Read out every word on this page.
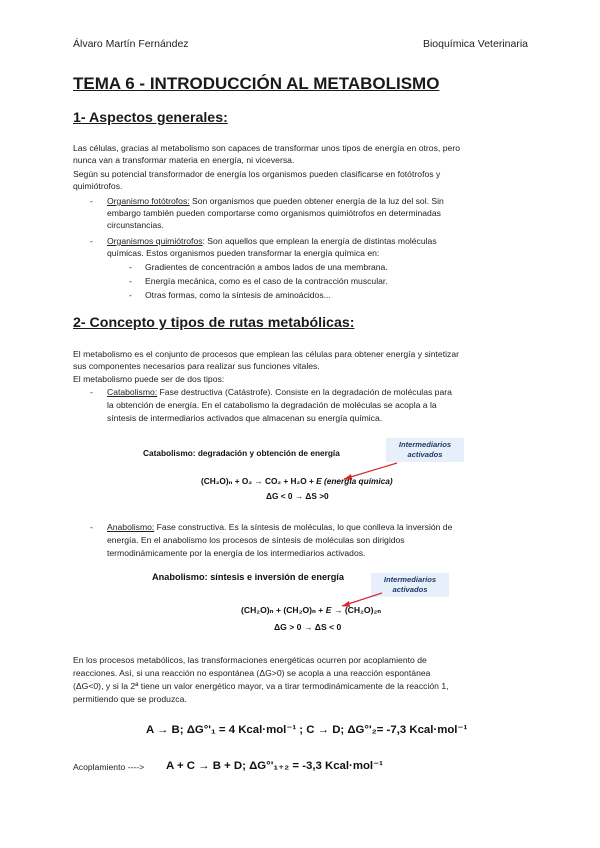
Álvaro Martín Fernández	Bioquímica Veterinaria
TEMA 6 - INTRODUCCIÓN AL METABOLISMO
1- Aspectos generales:
Las células, gracias al metabolismo son capaces de transformar unos tipos de energía en otros, pero
nunca van a transformar materia en energía, ni viceversa.
Según su potencial transformador de energía los organismos pueden clasificarse en fotótrofos y
quimiótrofos.
- Organismo fotótrofos: Son organismos que pueden obtener energía de la luz del sol. Sin
embargo también pueden comportarse como organismos quimiótrofos en determinadas
circunstancias.
- Organismos quimiótrofos: Son aquellos que emplean la energía de distintas moléculas
químicas. Estos organismos pueden transformar la energía química en:
- Gradientes de concentración a ambos lados de una membrana.
- Energía mecánica, como es el caso de la contracción muscular.
- Otras formas, como la síntesis de aminoácidos...
2- Concepto y tipos de rutas metabólicas:
El metabolismo es el conjunto de procesos que emplean las células para obtener energía y sintetizar
sus componentes necesarios para realizar sus funciones vitales.
El metabolismo puede ser de dos tipos:
- Catabolismo: Fase destructiva (Catástrofe). Consiste en la degradación de moléculas para
la obtención de energía. En el catabolismo la degradación de moléculas se acopla a la
síntesis de intermediarios activados que almacenan su energía química.
Catabolismo: degradación y obtención de energía
Intermediarios activados
(CH₂O)ₙ + O₂ → CO₂ + H₂O + E (energía química)
ΔG < 0 → ΔS >0
- Anabolismo: Fase constructiva. Es la síntesis de moléculas, lo que conlleva la inversión de
energía. En el anabolismo los procesos de síntesis de moléculas son dirigidos
termodinámicamente por la energía de los intermediarios activados.
Anabolismo: síntesis e inversión de energía	Intermediarios activados
(CH₂O)ₙ + (CH₂O)ₙ + E → (CH₂O)₂ₙ
ΔG > 0 → ΔS < 0
En los procesos metabólicos, las transformaciones energéticas ocurren por acoplamiento de
reacciones. Así, si una reacción no espontánea (ΔG>0) se acopla a una reacción espontánea
(ΔG<0), y si la 2ª tiene un valor energético mayor, va a tirar termodinámicamente de la reacción 1,
permitiendo que se produzca.
A → B; ΔG°'₁ = 4 Kcal·mol⁻¹ ; C → D; ΔG°'₂= -7,3 Kcal·mol⁻¹
Acoplamiento ----> A + C → B + D; ΔG°'₁₊₂ = -3,3 Kcal·mol⁻¹
